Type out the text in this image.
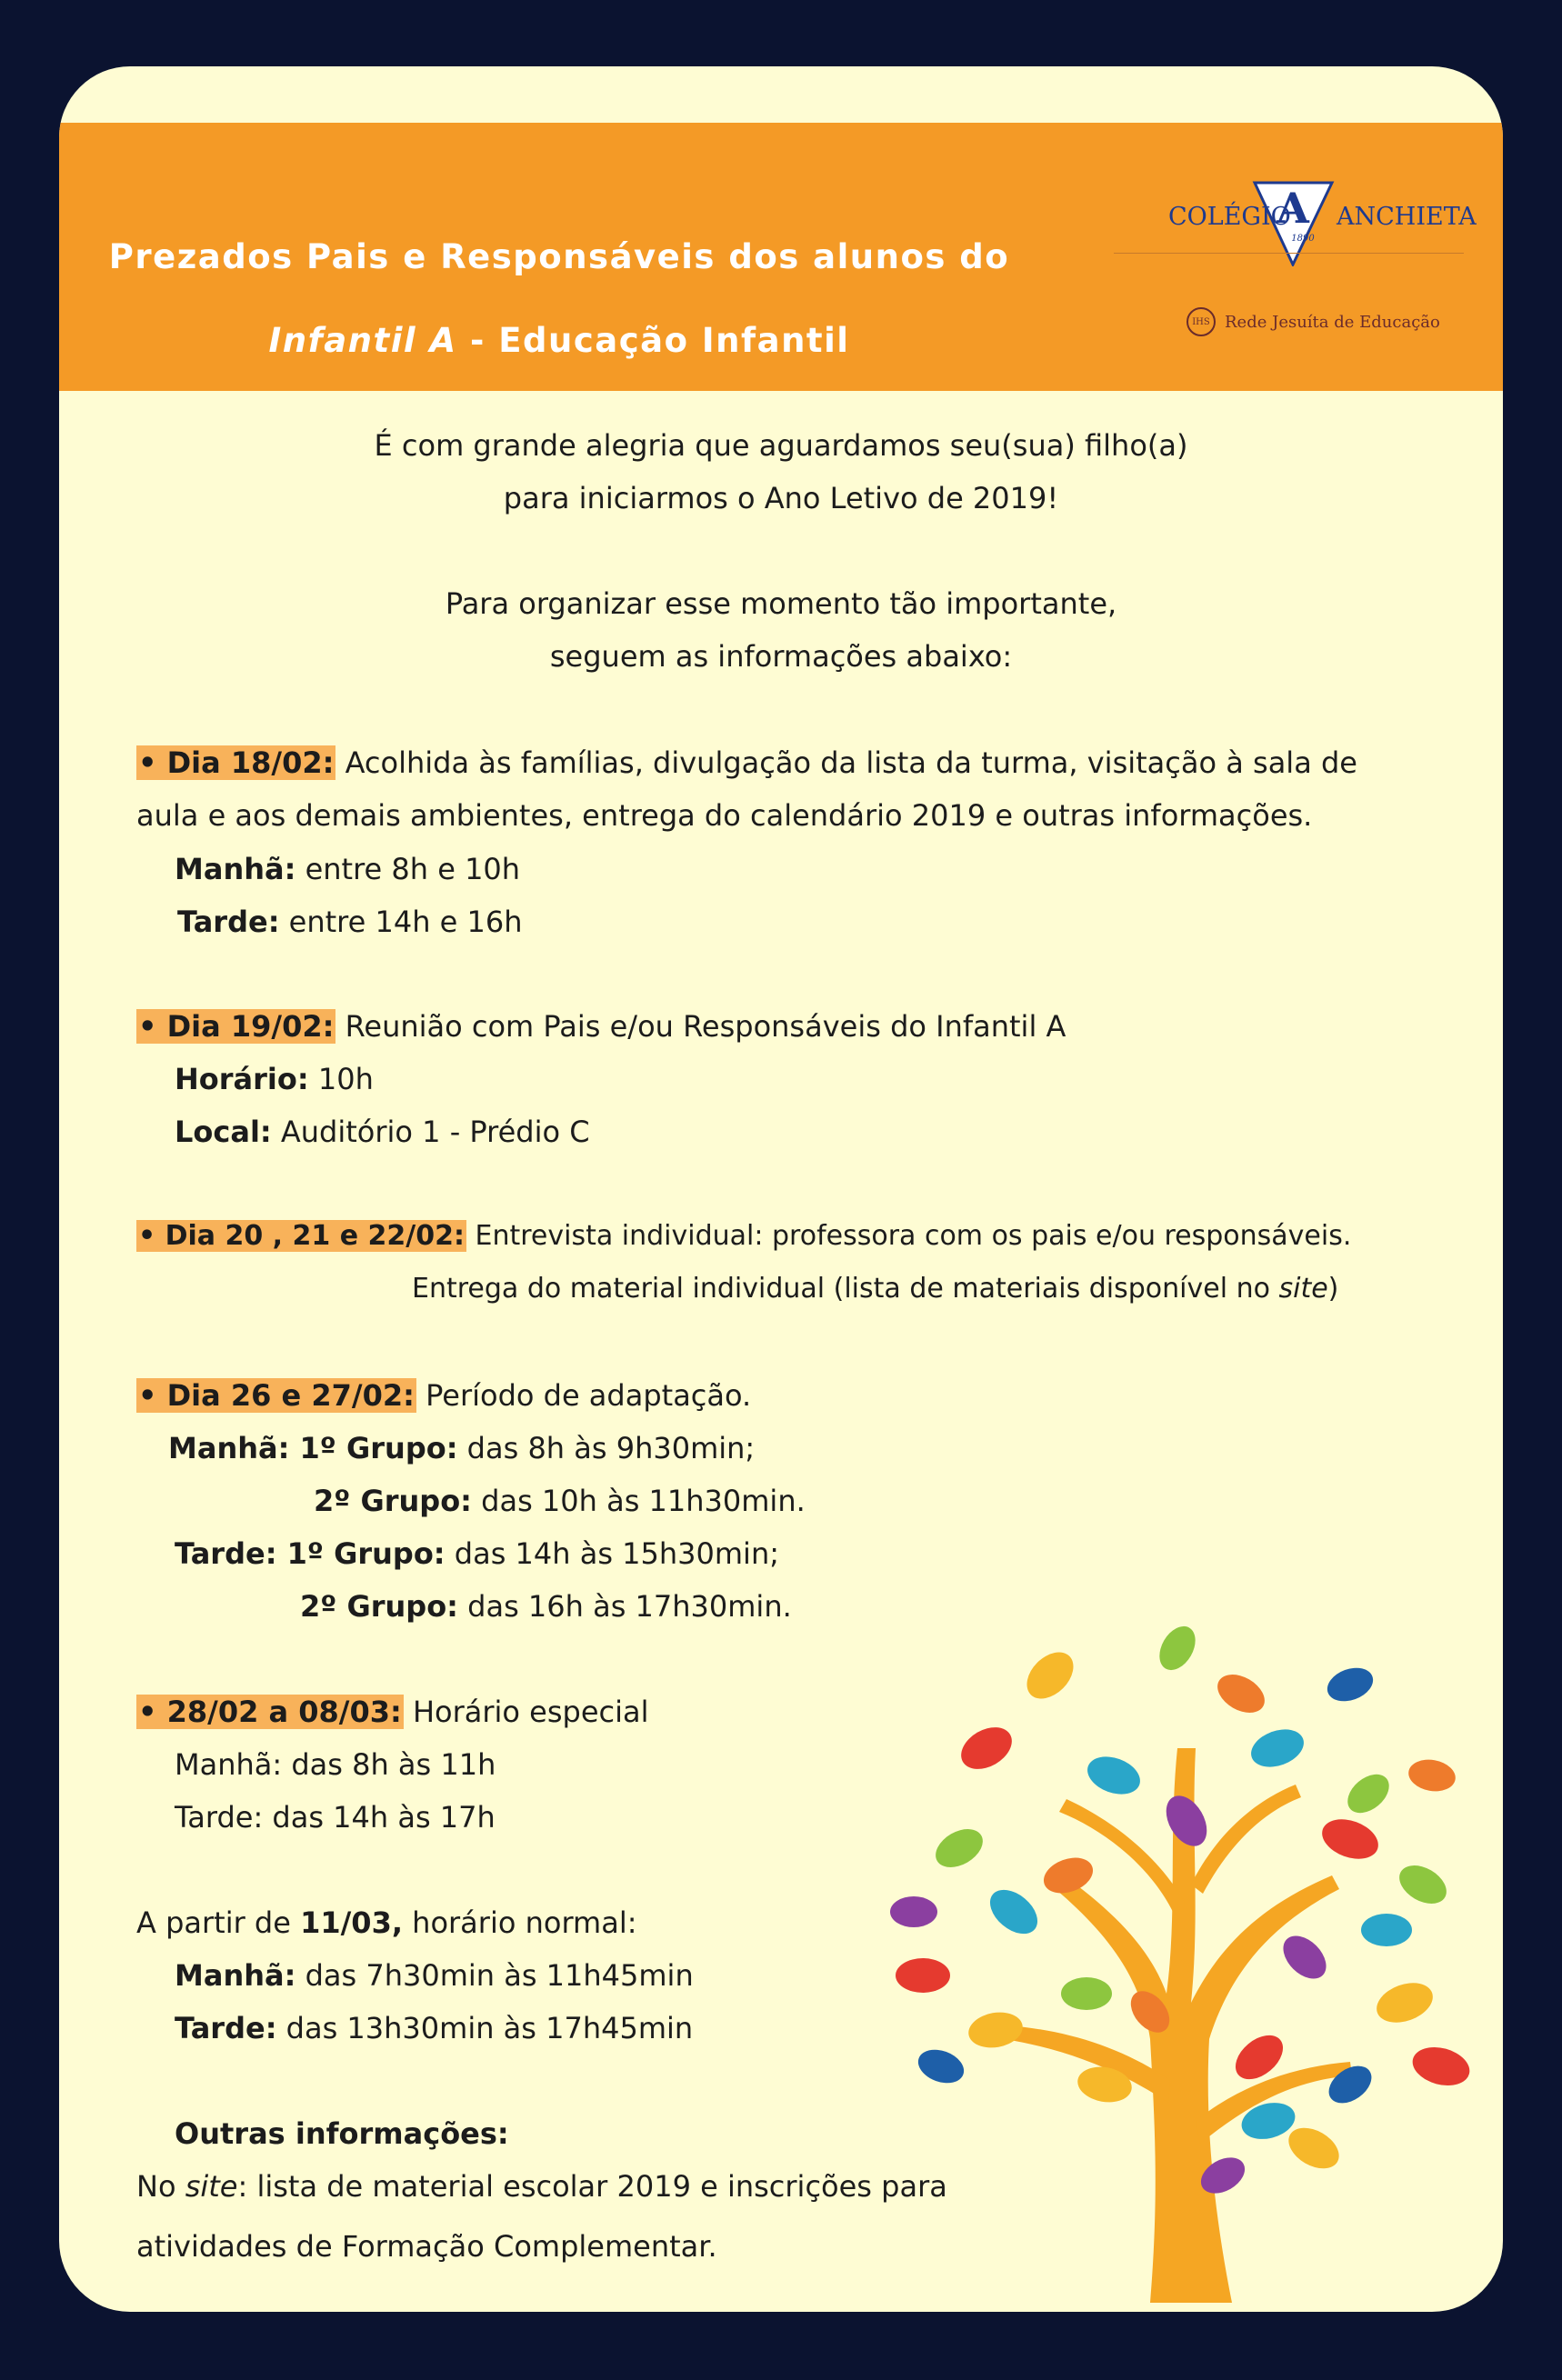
Prezados Pais e Responsáveis dos alunos do
Infantil A - Educação Infantil
A
1890
COLÉGIO ANCHIETA
IHS Rede Jesuíta de Educação
É com grande alegria que aguardamos seu(sua) filho(a)
para iniciarmos o Ano Letivo de 2019!
Para organizar esse momento tão importante,
seguem as informações abaixo:
• Dia 18/02: Acolhida às famílias, divulgação da lista da turma, visitação à sala de
aula e aos demais ambientes, entrega do calendário 2019 e outras informações.
Manhã: entre 8h e 10h
Tarde: entre 14h e 16h
• Dia 19/02: Reunião com Pais e/ou Responsáveis do Infantil A
Horário: 10h
Local: Auditório 1 - Prédio C
• Dia 20 , 21 e 22/02: Entrevista individual: professora com os pais e/ou responsáveis.
Entrega do material individual (lista de materiais disponível no site)
• Dia 26 e 27/02: Período de adaptação.
Manhã: 1º Grupo: das 8h às 9h30min;
2º Grupo: das 10h às 11h30min.
Tarde: 1º Grupo: das 14h às 15h30min;
2º Grupo: das 16h às 17h30min.
• 28/02 a 08/03: Horário especial
Manhã: das 8h às 11h
Tarde: das 14h às 17h
A partir de 11/03, horário normal:
Manhã: das 7h30min às 11h45min
Tarde: das 13h30min às 17h45min
Outras informações:
No site: lista de material escolar 2019 e inscrições para
atividades de Formação Complementar.
